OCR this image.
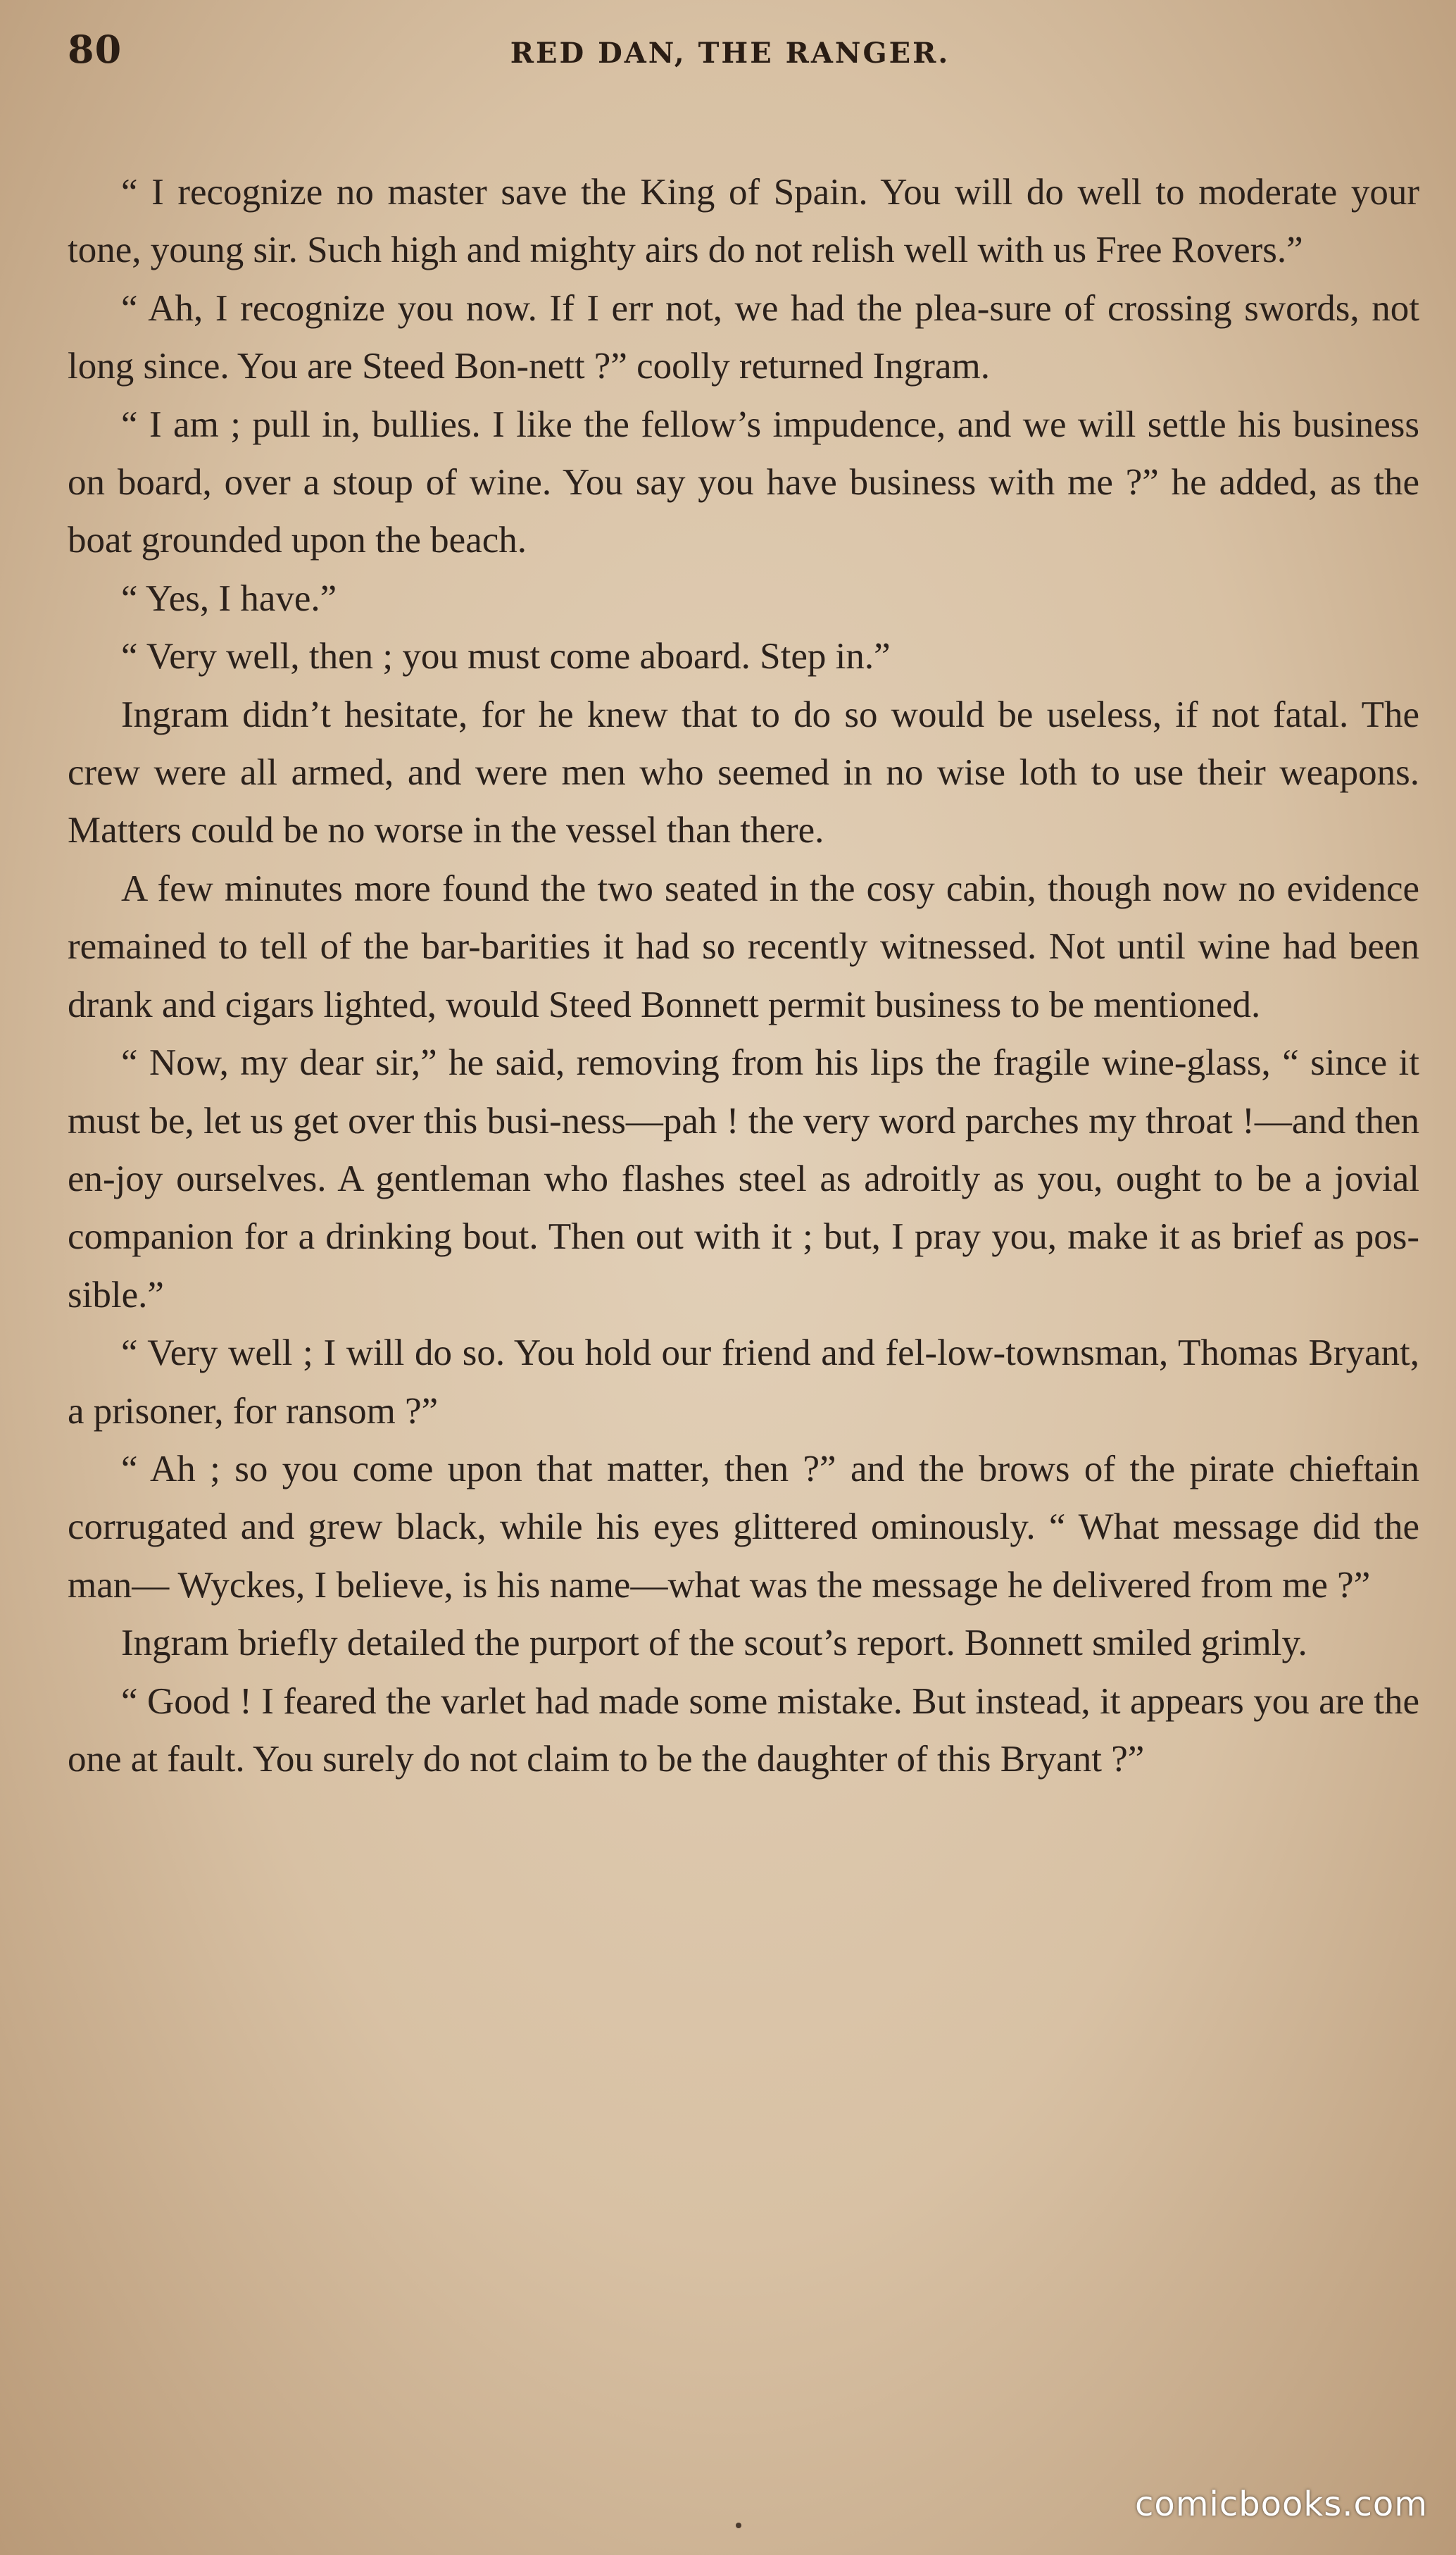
80	RED DAN, THE RANGER.

“ I recognize no master save the King of Spain. You will do well to moderate your tone, young sir. Such high and mighty airs do not relish well with us Free Rovers.”

“ Ah, I recognize you now. If I err not, we had the plea-sure of crossing swords, not long since. You are Steed Bon-nett ?” coolly returned Ingram.

“ I am ; pull in, bullies. I like the fellow’s impudence, and we will settle his business on board, over a stoup of wine. You say you have business with me ?” he added, as the boat grounded upon the beach.

“ Yes, I have.”

“ Very well, then ; you must come aboard. Step in.”

Ingram didn’t hesitate, for he knew that to do so would be useless, if not fatal. The crew were all armed, and were men who seemed in no wise loth to use their weapons. Matters could be no worse in the vessel than there.

A few minutes more found the two seated in the cosy cabin, though now no evidence remained to tell of the bar-barities it had so recently witnessed. Not until wine had been drank and cigars lighted, would Steed Bonnett permit business to be mentioned.

“ Now, my dear sir,” he said, removing from his lips the fragile wine-glass, “ since it must be, let us get over this busi-ness—pah ! the very word parches my throat !—and then en-joy ourselves. A gentleman who flashes steel as adroitly as you, ought to be a jovial companion for a drinking bout. Then out with it ; but, I pray you, make it as brief as pos-sible.”

“ Very well ; I will do so. You hold our friend and fel-low-townsman, Thomas Bryant, a prisoner, for ransom ?”

“ Ah ; so you come upon that matter, then ?” and the brows of the pirate chieftain corrugated and grew black, while his eyes glittered ominously. “ What message did the man— Wyckes, I believe, is his name—what was the message he delivered from me ?”

Ingram briefly detailed the purport of the scout’s report. Bonnett smiled grimly.

“ Good ! I feared the varlet had made some mistake. But instead, it appears you are the one at fault. You surely do not claim to be the daughter of this Bryant ?”

comicbooks.com
